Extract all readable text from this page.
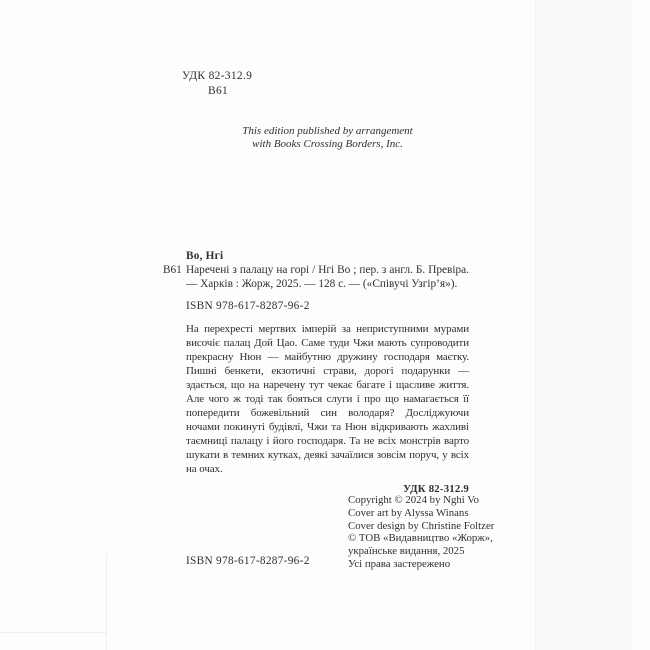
УДК 82-312.9
В61
This edition published by arrangement
with Books Crossing Borders, Inc.
Во, Нгі
В61 Наречені з палацу на горі / Нгі Во ; пер. з англ. Б. Превіра. — Харків : Жорж, 2025. — 128 с. — («Співучі Узгір’я»).
ISBN 978-617-8287-96-2

На перехресті мертвих імперій за неприступними мурами височіє палац Дой Цао. Саме туди Чжи мають супроводити прекрасну Нюн — майбутню дружину господаря маєтку. Пишні бенкети, екзотичні страви, дорогі подарунки — здається, що на наречену тут чекає багате і щасливе життя. Але чого ж тоді так бояться слуги і про що намагається її попередити божевільний син володаря? Досліджуючи ночами покинуті будівлі, Чжи та Нюн відкривають жахливі таємниці палацу і його господаря. Та не всіх монстрів варто шукати в темних кутках, деякі зачаїлися зовсім поруч, у всіх на очах.

УДК 82-312.9
Copyright © 2024 by Nghi Vo
Cover art by Alyssa Winans
Cover design by Christine Foltzer
© ТОВ «Видавництво «Жорж»,
українське видання, 2025
Усі права застережено
ISBN 978-617-8287-96-2
